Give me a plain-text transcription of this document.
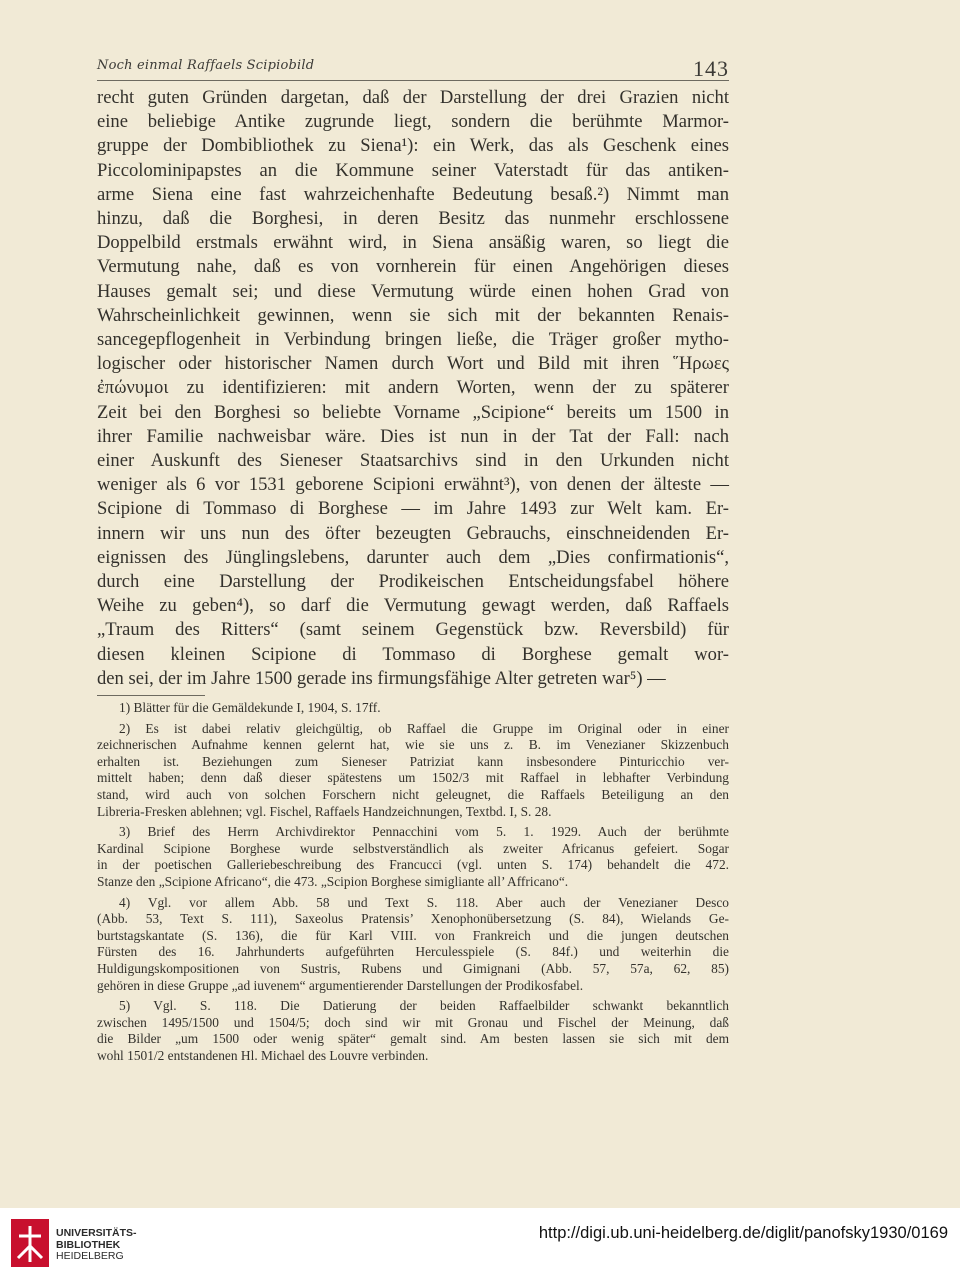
Noch einmal Raffaels Scipiobild	143
recht guten Gründen dargetan, daß der Darstellung der drei Grazien nicht
eine beliebige Antike zugrunde liegt, sondern die berühmte Marmor-
gruppe der Dombibliothek zu Siena¹): ein Werk, das als Geschenk eines
Piccolominipapstes an die Kommune seiner Vaterstadt für das antiken-
arme Siena eine fast wahrzeichenhafte Bedeutung besaß.²) Nimmt man
hinzu, daß die Borghesi, in deren Besitz das nunmehr erschlossene
Doppelbild erstmals erwähnt wird, in Siena ansäßig waren, so liegt die
Vermutung nahe, daß es von vornherein für einen Angehörigen dieses
Hauses gemalt sei; und diese Vermutung würde einen hohen Grad von
Wahrscheinlichkeit gewinnen, wenn sie sich mit der bekannten Renais-
sancegepflogenheit in Verbindung bringen ließe, die Träger großer mytho-
logischer oder historischer Namen durch Wort und Bild mit ihren ῞Ηρωες
ἐπώνυμοι zu identifizieren: mit andern Worten, wenn der zu späterer
Zeit bei den Borghesi so beliebte Vorname „Scipione“ bereits um 1500 in
ihrer Familie nachweisbar wäre. Dies ist nun in der Tat der Fall: nach
einer Auskunft des Sieneser Staatsarchivs sind in den Urkunden nicht
weniger als 6 vor 1531 geborene Scipioni erwähnt³), von denen der älteste —
Scipione di Tommaso di Borghese — im Jahre 1493 zur Welt kam. Er-
innern wir uns nun des öfter bezeugten Gebrauchs, einschneidenden Er-
eignissen des Jünglingslebens, darunter auch dem „Dies confirmationis“,
durch eine Darstellung der Prodikeischen Entscheidungsfabel höhere
Weihe zu geben⁴), so darf die Vermutung gewagt werden, daß Raffaels
„Traum des Ritters“ (samt seinem Gegenstück bzw. Reversbild) für
diesen kleinen Scipione di Tommaso di Borghese gemalt wor-
den sei, der im Jahre 1500 gerade ins firmungsfähige Alter getreten war⁵) —
1) Blätter für die Gemäldekunde I, 1904, S. 17ff.
2) Es ist dabei relativ gleichgültig, ob Raffael die Gruppe im Original oder in einer
zeichnerischen Aufnahme kennen gelernt hat, wie sie uns z. B. im Venezianer Skizzenbuch
erhalten ist. Beziehungen zum Sieneser Patriziat kann insbesondere Pinturicchio ver-
mittelt haben; denn daß dieser spätestens um 1502/3 mit Raffael in lebhafter Verbindung
stand, wird auch von solchen Forschern nicht geleugnet, die Raffaels Beteiligung an den
Libreria-Fresken ablehnen; vgl. Fischel, Raffaels Handzeichnungen, Textbd. I, S. 28.
3) Brief des Herrn Archivdirektor Pennacchini vom 5. 1. 1929. Auch der berühmte
Kardinal Scipione Borghese wurde selbstverständlich als zweiter Africanus gefeiert. Sogar
in der poetischen Galleriebeschreibung des Francucci (vgl. unten S. 174) behandelt die 472.
Stanze den „Scipione Africano“, die 473. „Scipion Borghese simigliante all’ Affricano“.
4) Vgl. vor allem Abb. 58 und Text S. 118. Aber auch der Venezianer Desco
(Abb. 53, Text S. 111), Saxeolus Pratensis’ Xenophonübersetzung (S. 84), Wielands Ge-
burtstagskantate (S. 136), die für Karl VIII. von Frankreich und die jungen deutschen
Fürsten des 16. Jahrhunderts aufgeführten Herculesspiele (S. 84f.) und weiterhin die
Huldigungskompositionen von Sustris, Rubens und Gimignani (Abb. 57, 57a, 62, 85)
gehören in diese Gruppe „ad iuvenem“ argumentierender Darstellungen der Prodikosfabel.
5) Vgl. S. 118. Die Datierung der beiden Raffaelbilder schwankt bekanntlich
zwischen 1495/1500 und 1504/5; doch sind wir mit Gronau und Fischel der Meinung, daß
die Bilder „um 1500 oder wenig später“ gemalt sind. Am besten lassen sie sich mit dem
wohl 1501/2 entstandenen Hl. Michael des Louvre verbinden.
UNIVERSITÄTS-
BIBLIOTHEK
HEIDELBERG
http://digi.ub.uni-heidelberg.de/diglit/panofsky1930/0169
